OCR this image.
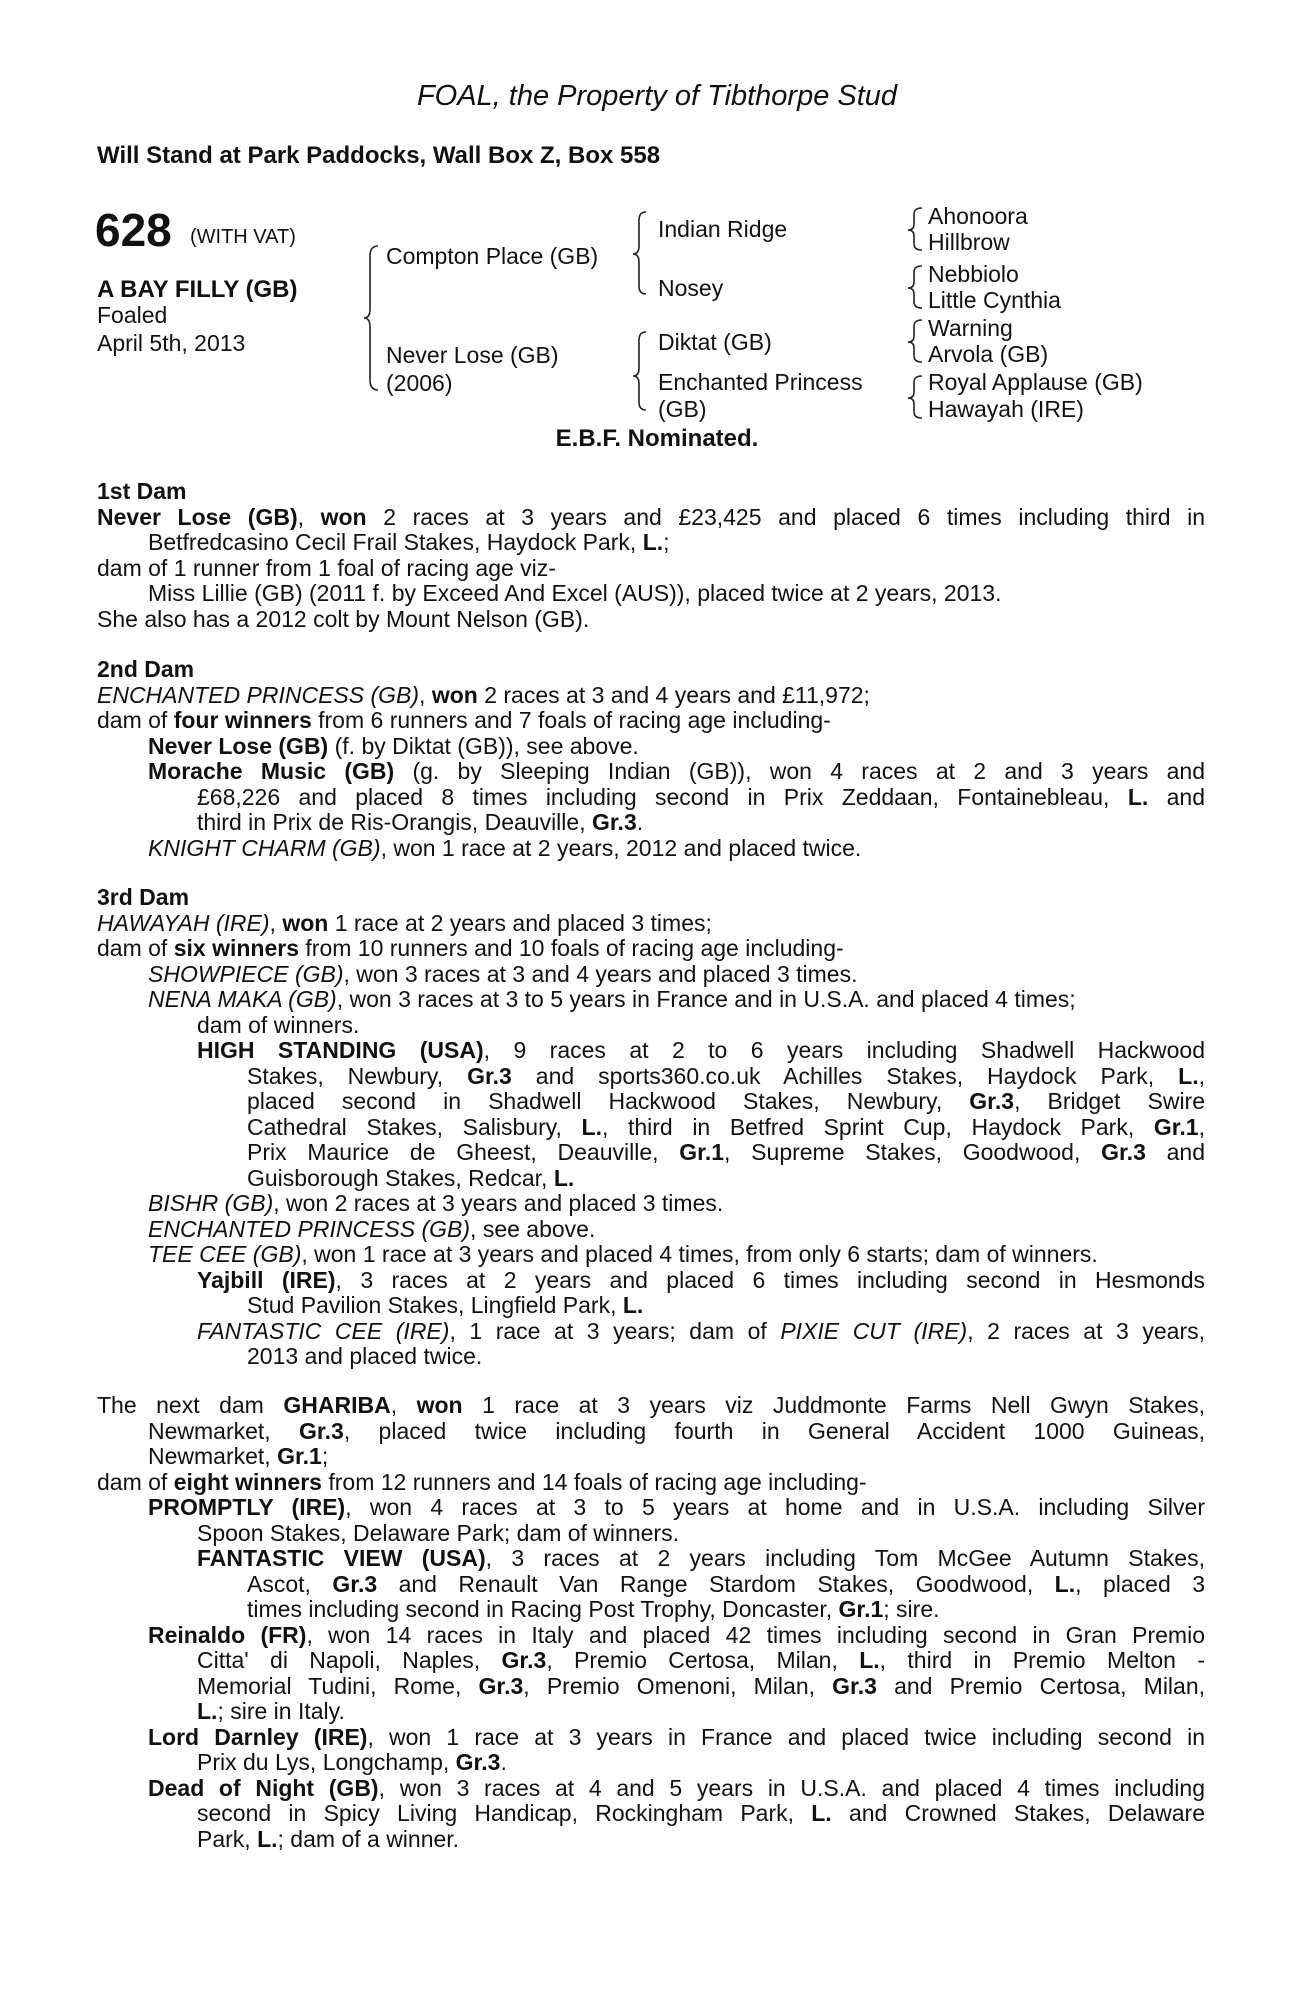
FOAL, the Property of Tibthorpe Stud
Will Stand at Park Paddocks, Wall Box Z, Box 558
628 (WITH VAT)
A BAY FILLY (GB)
Foaled
April 5th, 2013
Compton Place (GB)
Never Lose (GB)
(2006)
Indian Ridge
Nosey
Diktat (GB)
Enchanted Princess
(GB)
Ahonoora
Hillbrow
Nebbiolo
Little Cynthia
Warning
Arvola (GB)
Royal Applause (GB)
Hawayah (IRE)
E.B.F. Nominated.
1st Dam
Never Lose (GB), won 2 races at 3 years and £23,425 and placed 6 times including third in
Betfredcasino Cecil Frail Stakes, Haydock Park, L.;
dam of 1 runner from 1 foal of racing age viz-
Miss Lillie (GB) (2011 f. by Exceed And Excel (AUS)), placed twice at 2 years, 2013.
She also has a 2012 colt by Mount Nelson (GB).
2nd Dam
ENCHANTED PRINCESS (GB), won 2 races at 3 and 4 years and £11,972;
dam of four winners from 6 runners and 7 foals of racing age including-
Never Lose (GB) (f. by Diktat (GB)), see above.
Morache Music (GB) (g. by Sleeping Indian (GB)), won 4 races at 2 and 3 years and
£68,226 and placed 8 times including second in Prix Zeddaan, Fontainebleau, L. and
third in Prix de Ris-Orangis, Deauville, Gr.3.
KNIGHT CHARM (GB), won 1 race at 2 years, 2012 and placed twice.
3rd Dam
HAWAYAH (IRE), won 1 race at 2 years and placed 3 times;
dam of six winners from 10 runners and 10 foals of racing age including-
SHOWPIECE (GB), won 3 races at 3 and 4 years and placed 3 times.
NENA MAKA (GB), won 3 races at 3 to 5 years in France and in U.S.A. and placed 4 times;
dam of winners.
HIGH STANDING (USA), 9 races at 2 to 6 years including Shadwell Hackwood
Stakes, Newbury, Gr.3 and sports360.co.uk Achilles Stakes, Haydock Park, L.,
placed second in Shadwell Hackwood Stakes, Newbury, Gr.3, Bridget Swire
Cathedral Stakes, Salisbury, L., third in Betfred Sprint Cup, Haydock Park, Gr.1,
Prix Maurice de Gheest, Deauville, Gr.1, Supreme Stakes, Goodwood, Gr.3 and
Guisborough Stakes, Redcar, L.
BISHR (GB), won 2 races at 3 years and placed 3 times.
ENCHANTED PRINCESS (GB), see above.
TEE CEE (GB), won 1 race at 3 years and placed 4 times, from only 6 starts; dam of winners.
Yajbill (IRE), 3 races at 2 years and placed 6 times including second in Hesmonds
Stud Pavilion Stakes, Lingfield Park, L.
FANTASTIC CEE (IRE), 1 race at 3 years; dam of PIXIE CUT (IRE), 2 races at 3 years,
2013 and placed twice.
The next dam GHARIBA, won 1 race at 3 years viz Juddmonte Farms Nell Gwyn Stakes,
Newmarket, Gr.3, placed twice including fourth in General Accident 1000 Guineas,
Newmarket, Gr.1;
dam of eight winners from 12 runners and 14 foals of racing age including-
PROMPTLY (IRE), won 4 races at 3 to 5 years at home and in U.S.A. including Silver
Spoon Stakes, Delaware Park; dam of winners.
FANTASTIC VIEW (USA), 3 races at 2 years including Tom McGee Autumn Stakes,
Ascot, Gr.3 and Renault Van Range Stardom Stakes, Goodwood, L., placed 3
times including second in Racing Post Trophy, Doncaster, Gr.1; sire.
Reinaldo (FR), won 14 races in Italy and placed 42 times including second in Gran Premio
Citta' di Napoli, Naples, Gr.3, Premio Certosa, Milan, L., third in Premio Melton -
Memorial Tudini, Rome, Gr.3, Premio Omenoni, Milan, Gr.3 and Premio Certosa, Milan,
L.; sire in Italy.
Lord Darnley (IRE), won 1 race at 3 years in France and placed twice including second in
Prix du Lys, Longchamp, Gr.3.
Dead of Night (GB), won 3 races at 4 and 5 years in U.S.A. and placed 4 times including
second in Spicy Living Handicap, Rockingham Park, L. and Crowned Stakes, Delaware
Park, L.; dam of a winner.
